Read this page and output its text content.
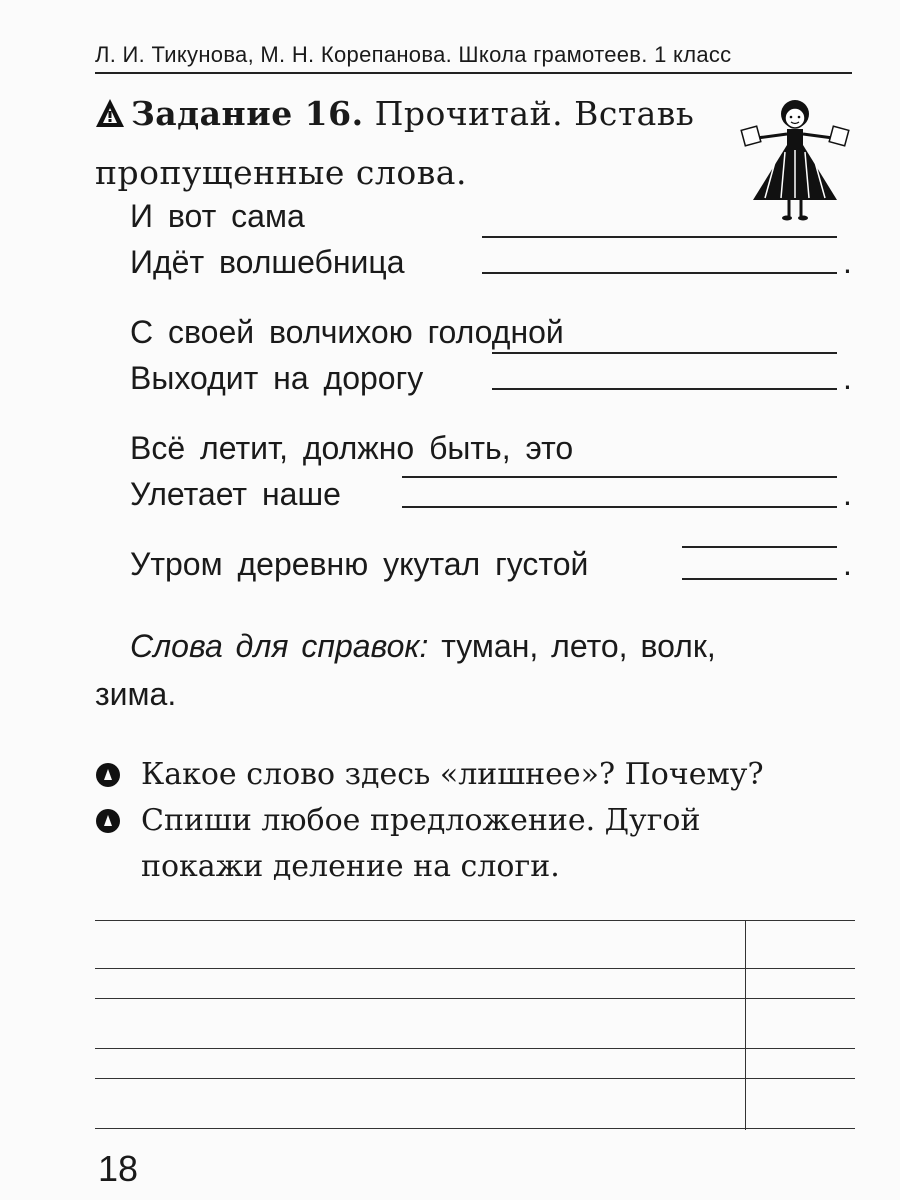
Л. И. Тикунова, М. Н. Корепанова. Школа грамотеев. 1 класс
Задание 16. Прочитай. Вставь
пропущенные слова.
И вот сама
Идёт волшебница	.
С своей волчихою голодной
Выходит на дорогу	.
Всё летит, должно быть, это
Улетает наше	.
Утром деревню укутал густой	.
Слова для справок: туман, лето, волк,
зима.
Какое слово здесь «лишнее»? Почему?
Спиши любое предложение. Дугой
покажи деление на слоги.
18
